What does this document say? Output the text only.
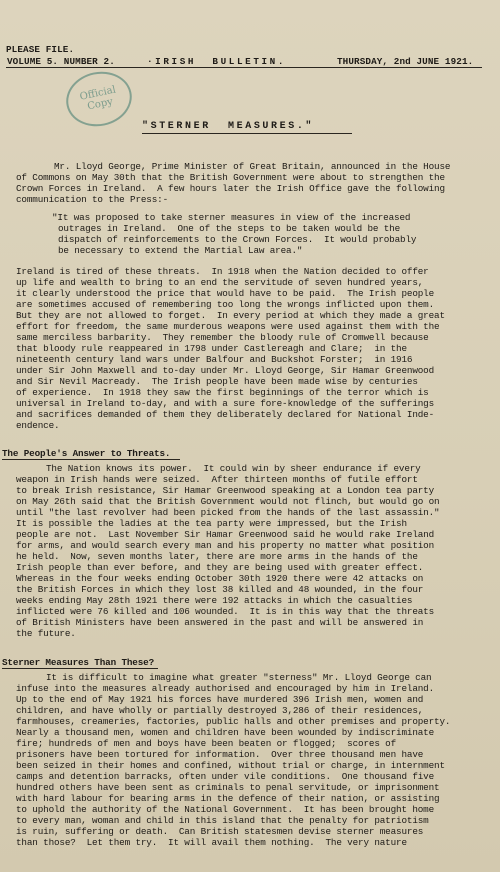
PLEASE FILE.
VOLUME 5. NUMBER 2.	·IRISH  BULLETIN.	THURSDAY, 2nd JUNE 1921.
Official Copy
"STERNER  MEASURES."
Mr. Lloyd George, Prime Minister of Great Britain, announced in the House
of Commons on May 30th that the British Government were about to strengthen the
Crown Forces in Ireland.  A few hours later the Irish Office gave the following
communication to the Press:-
"It was proposed to take sterner measures in view of the increased
outrages in Ireland.  One of the steps to be taken would be the
dispatch of reinforcements to the Crown Forces.  It would probably
be necessary to extend the Martial Law area."
Ireland is tired of these threats.  In 1918 when the Nation decided to offer
up life and wealth to bring to an end the servitude of seven hundred years,
it clearly understood the price that would have to be paid.  The Irish people
are sometimes accused of remembering too long the wrongs inflicted upon them.
But they are not allowed to forget.  In every period at which they made a great
effort for freedom, the same murderous weapons were used against them with the
same merciless barbarity.  They remember the bloody rule of Cromwell because
that bloody rule reappeared in 1798 under Castlereagh and Clare;  in the
nineteenth century land wars under Balfour and Buckshot Forster;  in 1916
under Sir John Maxwell and to-day under Mr. Lloyd George, Sir Hamar Greenwood
and Sir Nevil Macready.  The Irish people have been made wise by centuries
of experience.  In 1918 they saw the first beginnings of the terror which is
universal in Ireland to-day, and with a sure fore-knowledge of the sufferings
and sacrifices demanded of them they deliberately declared for National Inde-
endence.
The People's Answer to Threats.
The Nation knows its power.  It could win by sheer endurance if every
weapon in Irish hands were seized.  After thirteen months of futile effort
to break Irish resistance, Sir Hamar Greenwood speaking at a London tea party
on May 26th said that the British Government would not flinch, but would go on
until "the last revolver had been picked from the hands of the last assassin."
It is possible the ladies at the tea party were impressed, but the Irish
people are not.  Last November Sir Hamar Greenwood said he would rake Ireland
for arms, and would search every man and his property no matter what position
he held.  Now, seven months later, there are more arms in the hands of the
Irish people than ever before, and they are being used with greater effect.
Whereas in the four weeks ending October 30th 1920 there were 42 attacks on
the British Forces in which they lost 38 killed and 48 wounded, in the four
weeks ending May 28th 1921 there were 192 attacks in which the casualties
inflicted were 76 killed and 106 wounded.  It is in this way that the threats
of British Ministers have been answered in the past and will be answered in
the future.
Sterner Measures Than These?
It is difficult to imagine what greater "sterness" Mr. Lloyd George can
infuse into the measures already authorised and encouraged by him in Ireland.
Up to the end of May 1921 his forces have murdered 396 Irish men, women and
children, and have wholly or partially destroyed 3,286 of their residences,
farmhouses, creameries, factories, public halls and other premises and property.
Nearly a thousand men, women and children have been wounded by indiscriminate
fire; hundreds of men and boys have been beaten or flogged;  scores of
prisoners have been tortured for information.  Over three thousand men have
been seized in their homes and confined, without trial or charge, in internment
camps and detention barracks, often under vile conditions.  One thousand five
hundred others have been sent as criminals to penal servitude, or imprisonment
with hard labour for bearing arms in the defence of their nation, or assisting
to uphold the authority of the National Government.  It has been brought home
to every man, woman and child in this island that the penalty for patriotism
is ruin, suffering or death.  Can British statesmen devise sterner measures
than those?  Let them try.  It will avail them nothing.  The very nature
